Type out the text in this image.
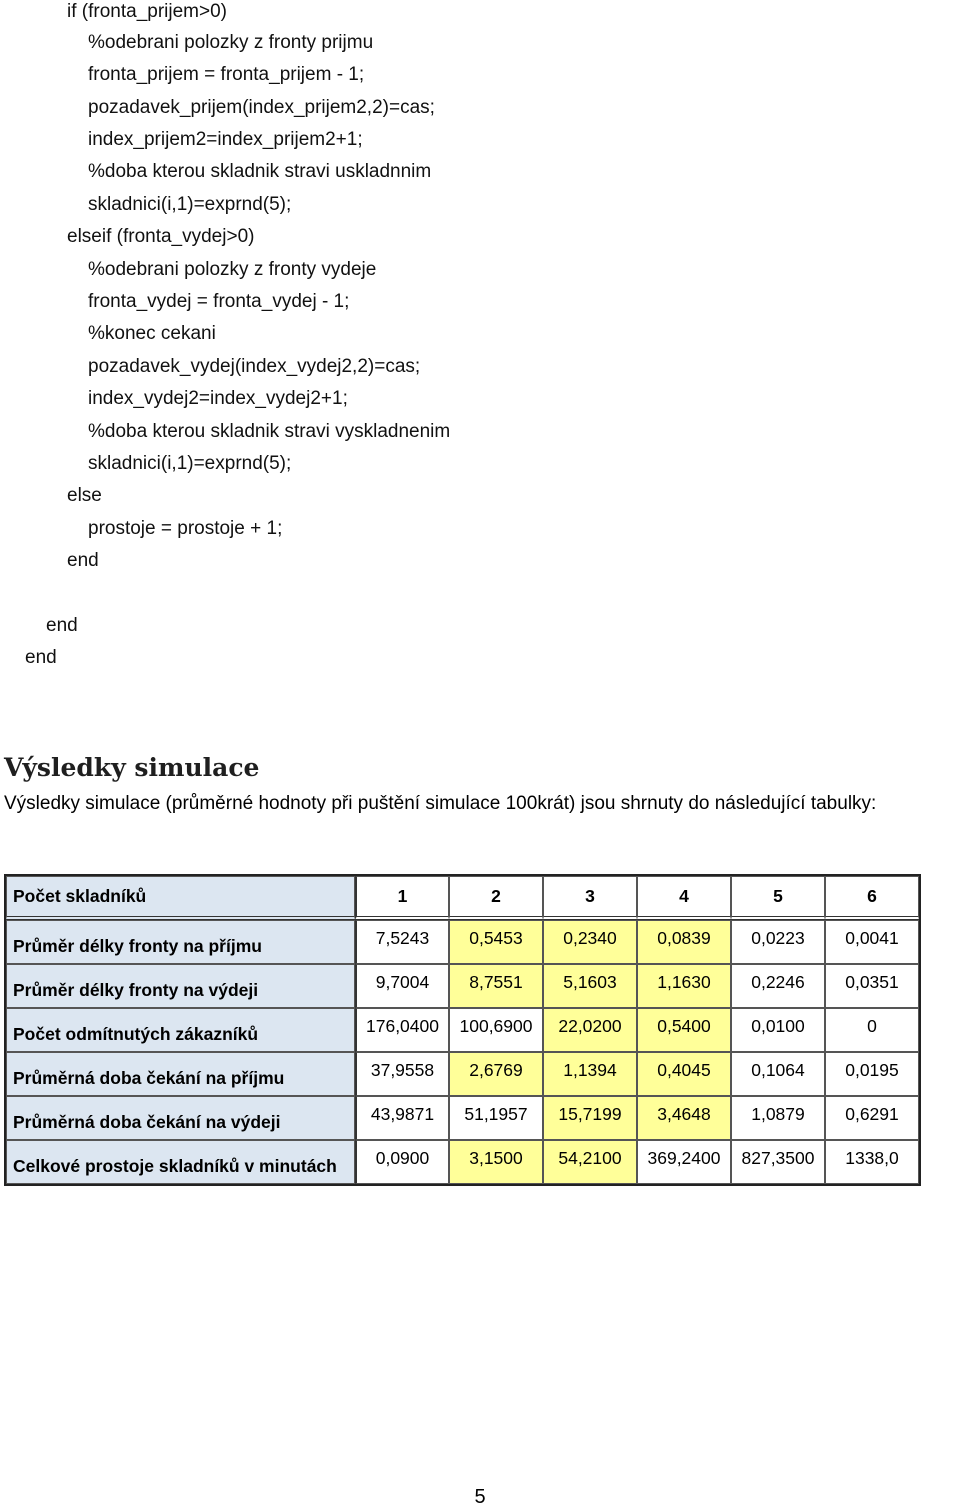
if (fronta_prijem>0)
%odebrani polozky z fronty prijmu
fronta_prijem = fronta_prijem - 1;
pozadavek_prijem(index_prijem2,2)=cas;
index_prijem2=index_prijem2+1;
%doba kterou skladnik stravi uskladnnim
skladnici(i,1)=exprnd(5);
elseif (fronta_vydej>0)
%odebrani polozky z fronty vydeje
fronta_vydej = fronta_vydej - 1;
%konec cekani
pozadavek_vydej(index_vydej2,2)=cas;
index_vydej2=index_vydej2+1;
%doba kterou skladnik stravi vyskladnenim
skladnici(i,1)=exprnd(5);
else
prostoje = prostoje + 1;
end
end
end
Výsledky simulace
Výsledky simulace (průměrné hodnoty při puštění simulace 100krát) jsou shrnuty do následující tabulky:
Počet skladníků	1	2	3	4	5	6
Průměr délky fronty na příjmu	7,5243	0,5453	0,2340	0,0839	0,0223	0,0041
Průměr délky fronty na výdeji	9,7004	8,7551	5,1603	1,1630	0,2246	0,0351
Počet odmítnutých zákazníků	176,0400	100,6900	22,0200	0,5400	0,0100	0
Průměrná doba čekání na příjmu	37,9558	2,6769	1,1394	0,4045	0,1064	0,0195
Průměrná doba čekání na výdeji	43,9871	51,1957	15,7199	3,4648	1,0879	0,6291
Celkové prostoje skladníků v minutách	0,0900	3,1500	54,2100	369,2400	827,3500	1338,0
5
